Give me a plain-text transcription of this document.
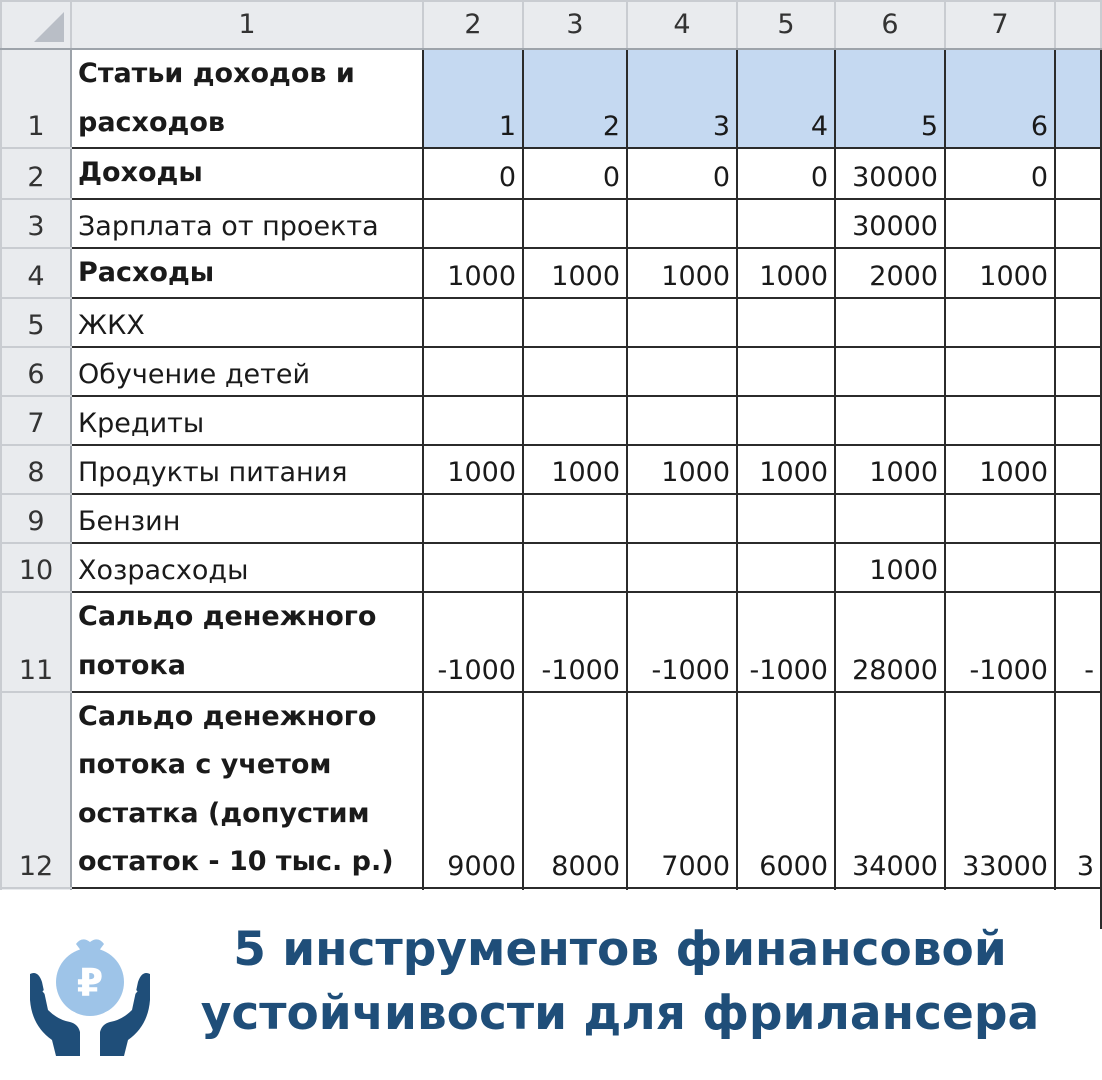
	1	2	3	4	5	6	7	
1	Статьи доходов и расходов	1	2	3	4	5	6	
2	Доходы	0	0	0	0	30000	0	
3	Зарплата от проекта					30000		
4	Расходы	1000	1000	1000	1000	2000	1000	
5	ЖКХ							
6	Обучение детей							
7	Кредиты							
8	Продукты питания	1000	1000	1000	1000	1000	1000	
9	Бензин							
10	Хозрасходы					1000		
11	Сальдо денежного потока	-1000	-1000	-1000	-1000	28000	-1000	-
12	Сальдо денежного потока с учетом остатка (допустим остаток - 10 тыс. р.)	9000	8000	7000	6000	34000	33000	3

₽
5 инструментов финансовой
устойчивости для фрилансера
